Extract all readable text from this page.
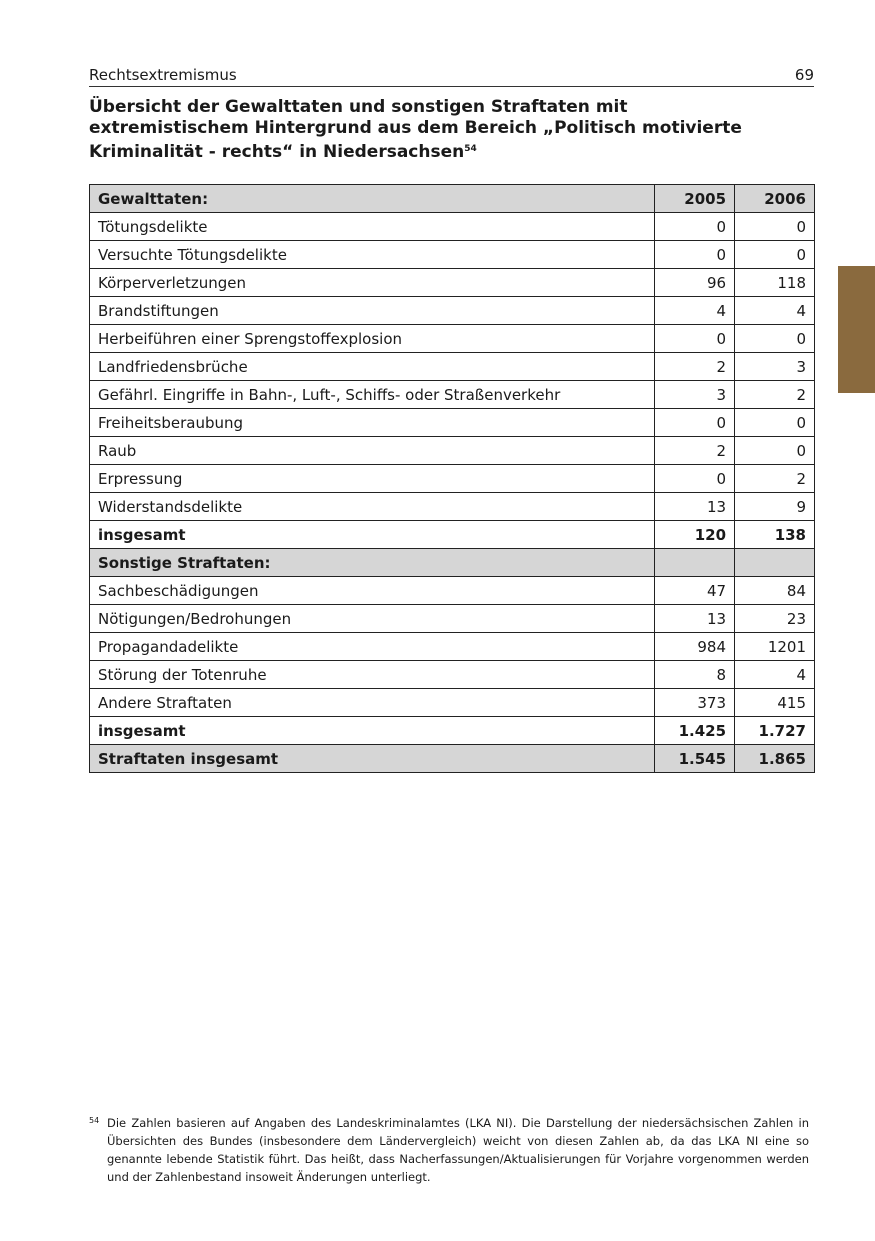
Rechtsextremismus	69
Übersicht der Gewalttaten und sonstigen Straftaten mit extremistischem Hintergrund aus dem Bereich „Politisch motivierte Kriminalität - rechts“ in Niedersachsen$^{54}$
Gewalttaten:	2005	2006
Tötungsdelikte	0	0
Versuchte Tötungsdelikte	0	0
Körperverletzungen	96	118
Brandstiftungen	4	4
Herbeiführen einer Sprengstoffexplosion	0	0
Landfriedensbrüche	2	3
Gefährl. Eingriffe in Bahn-, Luft-, Schiffs- oder Straßenverkehr	3	2
Freiheitsberaubung	0	0
Raub	2	0
Erpressung	0	2
Widerstandsdelikte	13	9
insgesamt	120	138
Sonstige Straftaten:		
Sachbeschädigungen	47	84
Nötigungen/Bedrohungen	13	23
Propagandadelikte	984	1201
Störung der Totenruhe	8	4
Andere Straftaten	373	415
insgesamt	1.425	1.727
Straftaten insgesamt	1.545	1.865
54 Die Zahlen basieren auf Angaben des Landeskriminalamtes (LKA NI). Die Darstellung der niedersächsischen Zahlen in Übersichten des Bundes (insbesondere dem Ländervergleich) weicht von diesen Zahlen ab, da das LKA NI eine so genannte lebende Statistik führt. Das heißt, dass Nacherfassungen/Aktualisierungen für Vorjahre vorgenommen werden und der Zahlenbestand insoweit Änderungen unterliegt.
